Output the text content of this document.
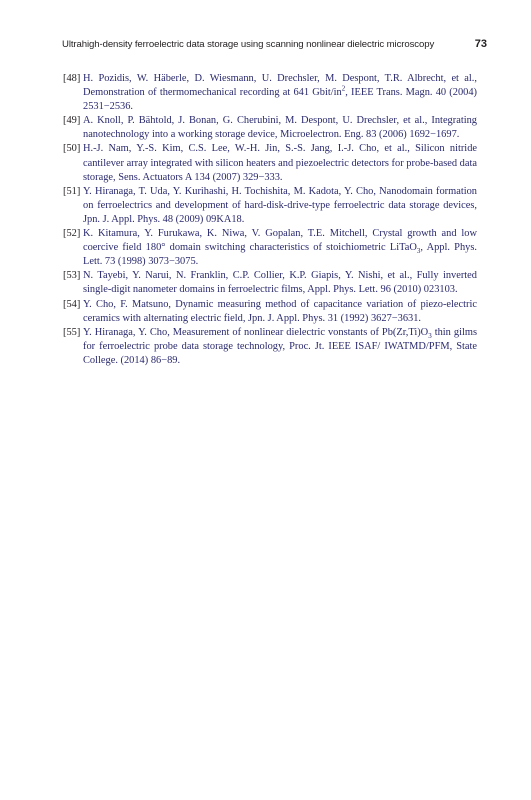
Ultrahigh-density ferroelectric data storage using scanning nonlinear dielectric microscopy	73
[48] H. Pozidis, W. Häberle, D. Wiesmann, U. Drechsler, M. Despont, T.R. Albrecht, et al., Demonstration of thermomechanical recording at 641 Gbit/$in^2$, IEEE Trans. Magn. 40 (2004) 2531−2536.
[49] A. Knoll, P. Bähtold, J. Bonan, G. Cherubini, M. Despont, U. Drechsler, et al., Integrating nanotechnology into a working storage device, Microelectron. Eng. 83 (2006) 1692−1697.
[50] H.-J. Nam, Y.-S. Kim, C.S. Lee, W.-H. Jin, S.-S. Jang, I.-J. Cho, et al., Silicon nitride cantilever array integrated with silicon heaters and piezoelectric detectors for probe-based data storage, Sens. Actuators A 134 (2007) 329−333.
[51] Y. Hiranaga, T. Uda, Y. Kurihashi, H. Tochishita, M. Kadota, Y. Cho, Nanodomain formation on ferroelectrics and development of hard-disk-drive-type ferroelectric data storage devices, Jpn. J. Appl. Phys. 48 (2009) 09KA18.
[52] K. Kitamura, Y. Furukawa, K. Niwa, V. Gopalan, T.E. Mitchell, Crystal growth and low coercive field 180° domain switching characteristics of stoichiometric LiTaO$_3$, Appl. Phys. Lett. 73 (1998) 3073−3075.
[53] N. Tayebi, Y. Narui, N. Franklin, C.P. Collier, K.P. Giapis, Y. Nishi, et al., Fully inverted single-digit nanometer domains in ferroelectric films, Appl. Phys. Lett. 96 (2010) 023103.
[54] Y. Cho, F. Matsuno, Dynamic measuring method of capacitance variation of piezo-electric ceramics with alternating electric field, Jpn. J. Appl. Phys. 31 (1992) 3627−3631.
[55] Y. Hiranaga, Y. Cho, Measurement of nonlinear dielectric vonstants of $Pb(Zr,Ti)O_3$ thin gilms for ferroelectric probe data storage technology, Proc. Jt. IEEE ISAF/ IWATMD/PFM, State College. (2014) 86−89.
